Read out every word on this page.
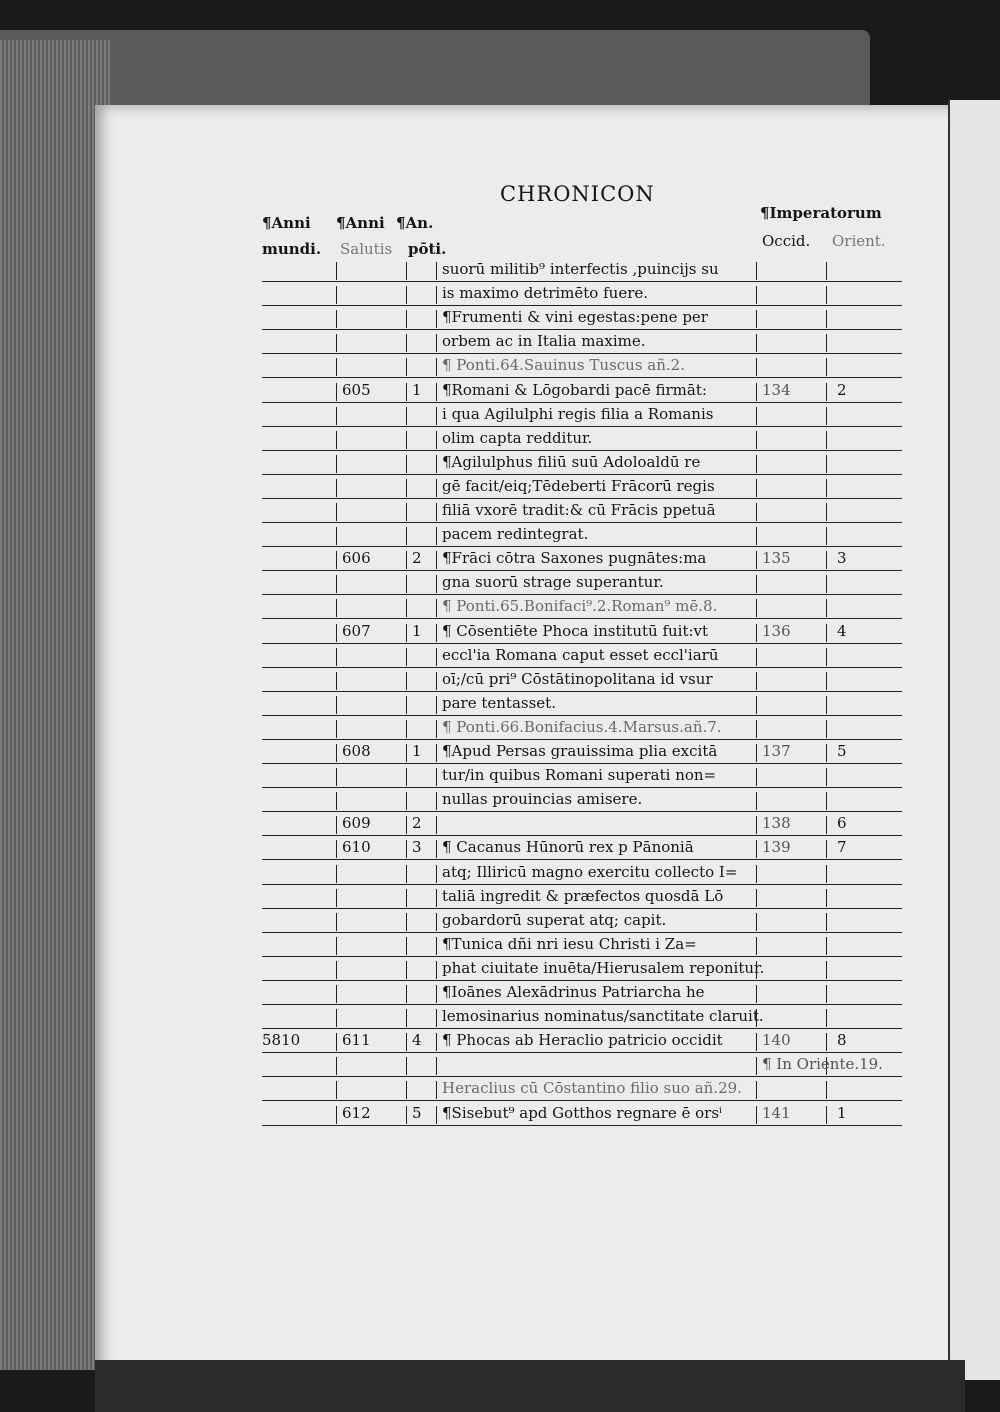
CHRONICON
¶Anni
mundi.
¶Anni
Salutis
¶An.
pōti.
¶Imperatorum
Occid. Orient.
suorū militib⁹ interfectis ,puincijs su
is maximo detrimēto fuere.
¶Frumenti & vini egestas:pene per
orbem ac in Italia maxime.
¶ Ponti.64.Sauinus Tuscus añ.2.
605	1 ¶Romani & Lōgobardi pacē firmāt:	134	2
i qua Agilulphi regis filia a Romanis
olim capta redditur.
¶Agilulphus filiū suū Adoloaldū re
gē facit/eiq;Tēdeberti Frācorū regis
filiā vxorē tradit:& cū Frācis ppetuā
pacem redintegrat.
606	2 ¶Frāci cōtra Saxones pugnātes:ma	135	3
gna suorū strage superantur.
¶ Ponti.65.Bonifaci⁹.2.Roman⁹ mē.8.
607	1 ¶ Cōsentiēte Phoca institutū fuit:vt	136	4
eccl'ia Romana caput esset eccl'iarū
oī;/cū pri⁹ Cōstātinopolitana id vsur
pare tentasset.
¶ Ponti.66.Bonifacius.4.Marsus.añ.7.
608	1 ¶Apud Persas grauissima plia excitā	137	5
tur/in quibus Romani superati non=
nullas prouincias amisere.
609	2	138	6
610	3 ¶ Cacanus Hūnorū rex p Pānoniā	139	7
atq; Illiricū magno exercitu collecto I=
taliā ingredit & præfectos quosdā Lō
gobardorū superat atq; capit.
¶Tunica dñi nri iesu Christi i Za=
phat ciuitate inuēta/Hierusalem reponitur.
¶Ioānes Alexādrinus Patriarcha he
lemosinarius nominatus/sanctitate claruit.
5810	611	4 ¶ Phocas ab Heraclio patricio occidit	140	8
¶ In Oriente.19.
Heraclius cū Cōstantino filio suo añ.29.
612	5 ¶Sisebut⁹ apd Gotthos regnare ē orsⁱ	141	1
